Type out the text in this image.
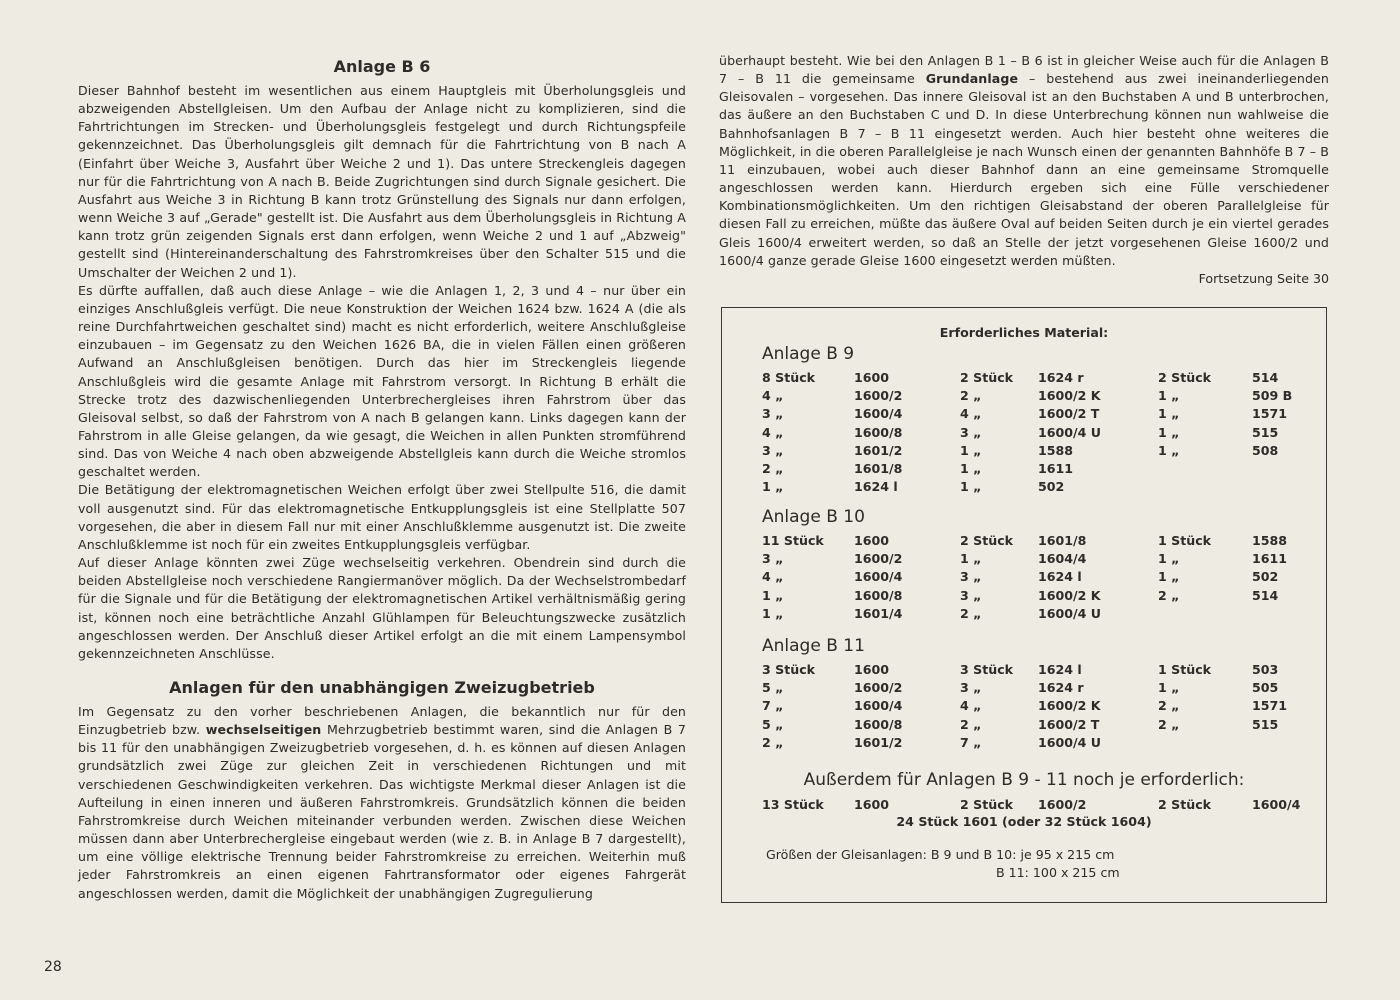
Anlage B 6

Dieser Bahnhof besteht im wesentlichen aus einem Hauptgleis mit Überholungsgleis und abzweigenden Abstellgleisen. Um den Aufbau der Anlage nicht zu komplizieren, sind die Fahrtrichtungen im Strecken- und Überholungsgleis festgelegt und durch Richtungspfeile gekennzeichnet. Das Überholungsgleis gilt demnach für die Fahrtrichtung von B nach A (Einfahrt über Weiche 3, Ausfahrt über Weiche 2 und 1). Das untere Streckengleis dagegen nur für die Fahrtrichtung von A nach B. Beide Zugrichtungen sind durch Signale gesichert. Die Ausfahrt aus Weiche 3 in Richtung B kann trotz Grünstellung des Signals nur dann erfolgen, wenn Weiche 3 auf „Gerade" gestellt ist. Die Ausfahrt aus dem Überholungsgleis in Richtung A kann trotz grün zeigenden Signals erst dann erfolgen, wenn Weiche 2 und 1 auf „Abzweig" gestellt sind (Hintereinanderschaltung des Fahrstromkreises über den Schalter 515 und die Umschalter der Weichen 2 und 1).

Es dürfte auffallen, daß auch diese Anlage – wie die Anlagen 1, 2, 3 und 4 – nur über ein einziges Anschlußgleis verfügt. Die neue Konstruktion der Weichen 1624 bzw. 1624 A (die als reine Durchfahrtweichen geschaltet sind) macht es nicht erforderlich, weitere Anschlußgleise einzubauen – im Gegensatz zu den Weichen 1626 BA, die in vielen Fällen einen größeren Aufwand an Anschlußgleisen benötigen. Durch das hier im Streckengleis liegende Anschlußgleis wird die gesamte Anlage mit Fahrstrom versorgt. In Richtung B erhält die Strecke trotz des dazwischenliegenden Unterbrechergleises ihren Fahrstrom über das Gleisoval selbst, so daß der Fahrstrom von A nach B gelangen kann. Links dagegen kann der Fahrstrom in alle Gleise gelangen, da wie gesagt, die Weichen in allen Punkten stromführend sind. Das von Weiche 4 nach oben abzweigende Abstellgleis kann durch die Weiche stromlos geschaltet werden.

Die Betätigung der elektromagnetischen Weichen erfolgt über zwei Stellpulte 516, die damit voll ausgenutzt sind. Für das elektromagnetische Entkupplungsgleis ist eine Stellplatte 507 vorgesehen, die aber in diesem Fall nur mit einer Anschlußklemme ausgenutzt ist. Die zweite Anschlußklemme ist noch für ein zweites Entkupplungsgleis verfügbar.

Auf dieser Anlage könnten zwei Züge wechselseitig verkehren. Obendrein sind durch die beiden Abstellgleise noch verschiedene Rangiermanöver möglich. Da der Wechselstrombedarf für die Signale und für die Betätigung der elektromagnetischen Artikel verhältnismäßig gering ist, können noch eine beträchtliche Anzahl Glühlampen für Beleuchtungszwecke zusätzlich angeschlossen werden. Der Anschluß dieser Artikel erfolgt an die mit einem Lampensymbol gekennzeichneten Anschlüsse.

Anlagen für den unabhängigen Zweizugbetrieb

Im Gegensatz zu den vorher beschriebenen Anlagen, die bekanntlich nur für den Einzugbetrieb bzw. wechselseitigen Mehrzugbetrieb bestimmt waren, sind die Anlagen B 7 bis 11 für den unabhängigen Zweizugbetrieb vorgesehen, d. h. es können auf diesen Anlagen grundsätzlich zwei Züge zur gleichen Zeit in verschiedenen Richtungen und mit verschiedenen Geschwindigkeiten verkehren. Das wichtigste Merkmal dieser Anlagen ist die Aufteilung in einen inneren und äußeren Fahrstromkreis. Grundsätzlich können die beiden Fahrstromkreise durch Weichen miteinander verbunden werden. Zwischen diese Weichen müssen dann aber Unterbrechergleise eingebaut werden (wie z. B. in Anlage B 7 dargestellt), um eine völlige elektrische Trennung beider Fahrstromkreise zu erreichen. Weiterhin muß jeder Fahrstromkreis an einen eigenen Fahrtransformator oder eigenes Fahrgerät angeschlossen werden, damit die Möglichkeit der unabhängigen Zugregulierung

überhaupt besteht. Wie bei den Anlagen B 1 – B 6 ist in gleicher Weise auch für die Anlagen B 7 – B 11 die gemeinsame Grundanlage – bestehend aus zwei ineinanderliegenden Gleisovalen – vorgesehen. Das innere Gleisoval ist an den Buchstaben A und B unterbrochen, das äußere an den Buchstaben C und D. In diese Unterbrechung können nun wahlweise die Bahnhofsanlagen B 7 – B 11 eingesetzt werden. Auch hier besteht ohne weiteres die Möglichkeit, in die oberen Parallelgleise je nach Wunsch einen der genannten Bahnhöfe B 7 – B 11 einzubauen, wobei auch dieser Bahnhof dann an eine gemeinsame Stromquelle angeschlossen werden kann. Hierdurch ergeben sich eine Fülle verschiedener Kombinationsmöglichkeiten. Um den richtigen Gleisabstand der oberen Parallelgleise für diesen Fall zu erreichen, müßte das äußere Oval auf beiden Seiten durch je ein viertel gerades Gleis 1600/4 erweitert werden, so daß an Stelle der jetzt vorgesehenen Gleise 1600/2 und 1600/4 ganze gerade Gleise 1600 eingesetzt werden müßten.

Fortsetzung Seite 30
Erforderliches Material:
Außerdem für Anlagen B 9 - 11 noch je erforderlich:
13 Stück 1600	2 Stück 1600/2	2 Stück	1600/4
24 Stück 1601 (oder 32 Stück 1604)
Größen der Gleisanlagen: B 9 und B 10: je 95 x 215 cm
B 11: 100 x 215 cm
Anlage B 9
8 Stück	1600	2 Stück 1624 r	2 Stück	514
4 „	1600/2	2 „	1600/2 K	1 „	509 B
3 „	1600/4	4 „	1600/2 T	1 „	1571
4 „	1600/8	3 „	1600/4 U	1 „	515
3 „	1601/2	1 „	1588	1 „	508
2 „	1601/8	1 „	1611
1 „	1624 l	1 „	502
Anlage B 10
11 Stück 1600	2 Stück 1601/8	1 Stück	1588
3 „	1600/2	1 „	1604/4	1 „	1611
4 „	1600/4	3 „	1624 l	1 „	502
1 „	1600/8	3 „	1600/2 K	2 „	514
1 „	1601/4	2 „	1600/4 U
Anlage B 11
3 Stück	1600	3 Stück 1624 l	1 Stück	503
5 „	1600/2	3 „	1624 r	1 „	505
7 „	1600/4	4 „	1600/2 K	2 „	1571
5 „	1600/8	2 „	1600/2 T	2 „	515
2 „	1601/2	7 „	1600/4 U
28
